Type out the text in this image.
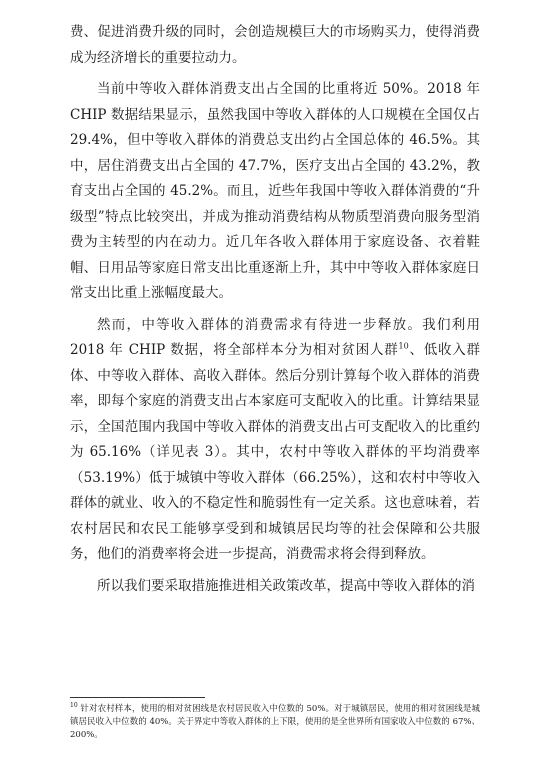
费、促进消费升级的同时，会创造规模巨大的市场购买力，使得消费成为经济增长的重要拉动力。

当前中等收入群体消费支出占全国的比重将近 50%。2018 年 CHIP 数据结果显示，虽然我国中等收入群体的人口规模在全国仅占 29.4%，但中等收入群体的消费总支出约占全国总体的 46.5%。其中，居住消费支出占全国的 47.7%，医疗支出占全国的 43.2%，教育支出占全国的 45.2%。而且，近些年我国中等收入群体消费的“升级型”特点比较突出，并成为推动消费结构从物质型消费向服务型消费为主转型的内在动力。近几年各收入群体用于家庭设备、衣着鞋帽、日用品等家庭日常支出比重逐渐上升，其中中等收入群体家庭日常支出比重上涨幅度最大。

然而，中等收入群体的消费需求有待进一步释放。我们利用 2018 年 CHIP 数据，将全部样本分为相对贫困人群$^{10}$、低收入群体、中等收入群体、高收入群体。然后分别计算每个收入群体的消费率，即每个家庭的消费支出占本家庭可支配收入的比重。计算结果显示，全国范围内我国中等收入群体的消费支出占可支配收入的比重约为 65.16%（详见表 3）。其中，农村中等收入群体的平均消费率（53.19%）低于城镇中等收入群体（66.25%），这和农村中等收入群体的就业、收入的不稳定性和脆弱性有一定关系。这也意味着，若农村居民和农民工能够享受到和城镇居民均等的社会保障和公共服务，他们的消费率将会进一步提高，消费需求将会得到释放。

所以我们要采取措施推进相关政策改革，提高中等收入群体的消

$^{10}$ 针对农村样本，使用的相对贫困线是农村居民收入中位数的 50%。对于城镇居民，使用的相对贫困线是城镇居民收入中位数的 40%。关于界定中等收入群体的上下限，使用的是全世界所有国家收入中位数的 67%、200%。
